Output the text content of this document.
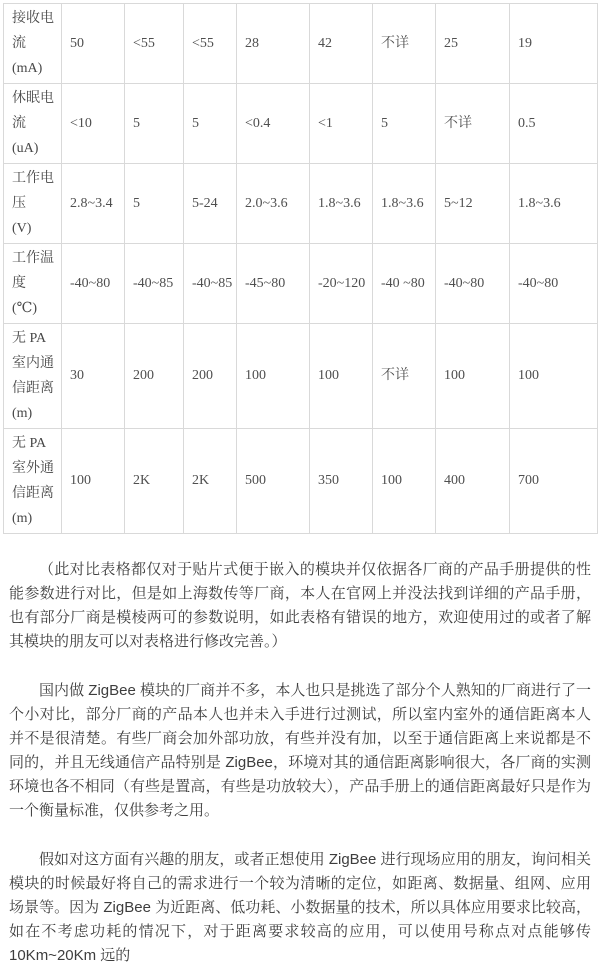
接收电
流
(mA)	50	<55	<55	28	42	不详	25	19
休眠电
流
(uA)	<10	5	5	<0.4	<1	5	不详	0.5
工作电
压
(V)	2.8~3.4	5	5-24	2.0~3.6	1.8~3.6	1.8~3.6	5~12	1.8~3.6
工作温
度
(℃)	-40~80	-40~85	-40~85	-45~80	-20~120	-40 ~80	-40~80	-40~80
无 PA
室内通
信距离
(m)	30	200	200	100	100	不详	100	100
无 PA
室外通
信距离
(m)	100	2K	2K	500	350	100	400	700

（此对比表格都仅对于贴片式便于嵌入的模块并仅依据各厂商的产品手册提供的性能参数进行对比，但是如上海数传等厂商，本人在官网上并没法找到详细的产品手册，也有部分厂商是模棱两可的参数说明，如此表格有错误的地方，欢迎使用过的或者了解其模块的朋友可以对表格进行修改完善。）

国内做 ZigBee 模块的厂商并不多，本人也只是挑选了部分个人熟知的厂商进行了一个小对比，部分厂商的产品本人也并未入手进行过测试，所以室内室外的通信距离本人并不是很清楚。有些厂商会加外部功放，有些并没有加，以至于通信距离上来说都是不同的，并且无线通信产品特别是 ZigBee，环境对其的通信距离影响很大，各厂商的实测环境也各不相同（有些是置高，有些是功放较大），产品手册上的通信距离最好只是作为一个衡量标准，仅供参考之用。

假如对这方面有兴趣的朋友，或者正想使用 ZigBee 进行现场应用的朋友，询问相关模块的时候最好将自己的需求进行一个较为清晰的定位，如距离、数据量、组网、应用场景等。因为 ZigBee 为近距离、低功耗、小数据量的技术，所以具体应用要求比较高，如在不考虑功耗的情况下，对于距离要求较高的应用，可以使用号称点对点能够传 10Km~20Km 远的
